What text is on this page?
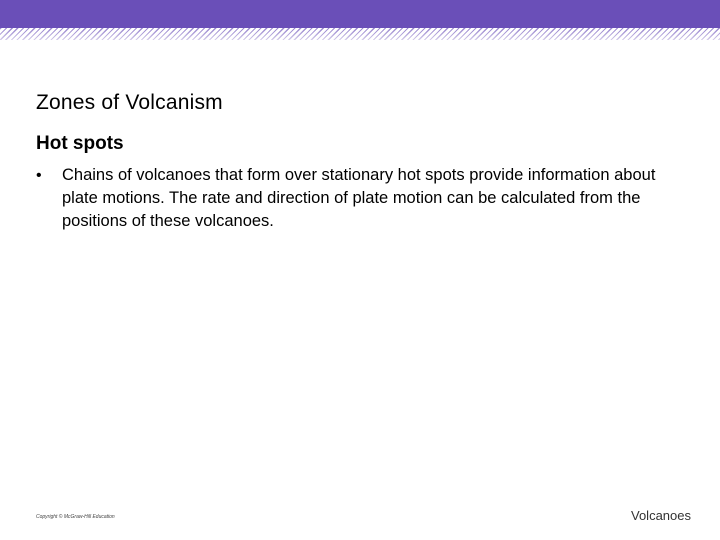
Zones of Volcanism
Hot spots
•	Chains of volcanoes that form over stationary hot spots provide information about plate motions. The rate and direction of plate motion can be calculated from the positions of these volcanoes.
Copyright © McGraw-Hill Education	Volcanoes
